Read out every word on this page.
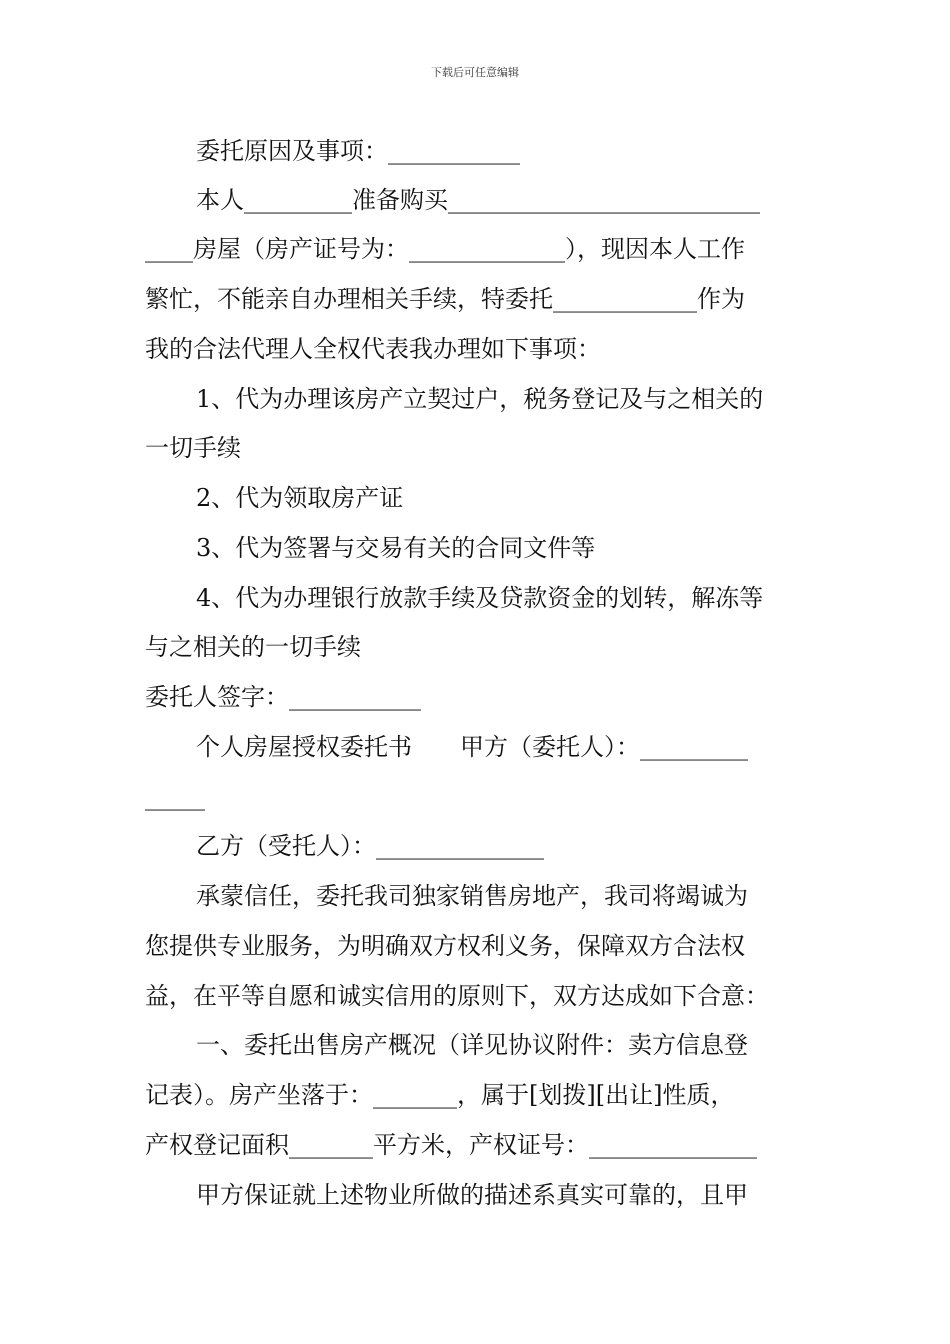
下载后可任意编辑
委托原因及事项：___________
本人_________准备购买__________________________
____房屋（房产证号为：_____________），现因本人工作
繁忙，不能亲自办理相关手续，特委托____________作为
我的合法代理人全权代表我办理如下事项：
1、代为办理该房产立契过户，税务登记及与之相关的
一切手续
2、代为领取房产证
3、代为签署与交易有关的合同文件等
4、代为办理银行放款手续及贷款资金的划转，解冻等
与之相关的一切手续
委托人签字：___________
个人房屋授权委托书　　甲方（委托人）：_________
_____
乙方（受托人）：______________
承蒙信任，委托我司独家销售房地产，我司将竭诚为
您提供专业服务，为明确双方权利义务，保障双方合法权
益，在平等自愿和诚实信用的原则下，双方达成如下合意：
一、委托出售房产概况（详见协议附件：卖方信息登
记表）。房产坐落于：_______，属于[划拨][出让]性质，
产权登记面积_______平方米，产权证号：______________
甲方保证就上述物业所做的描述系真实可靠的，且甲
